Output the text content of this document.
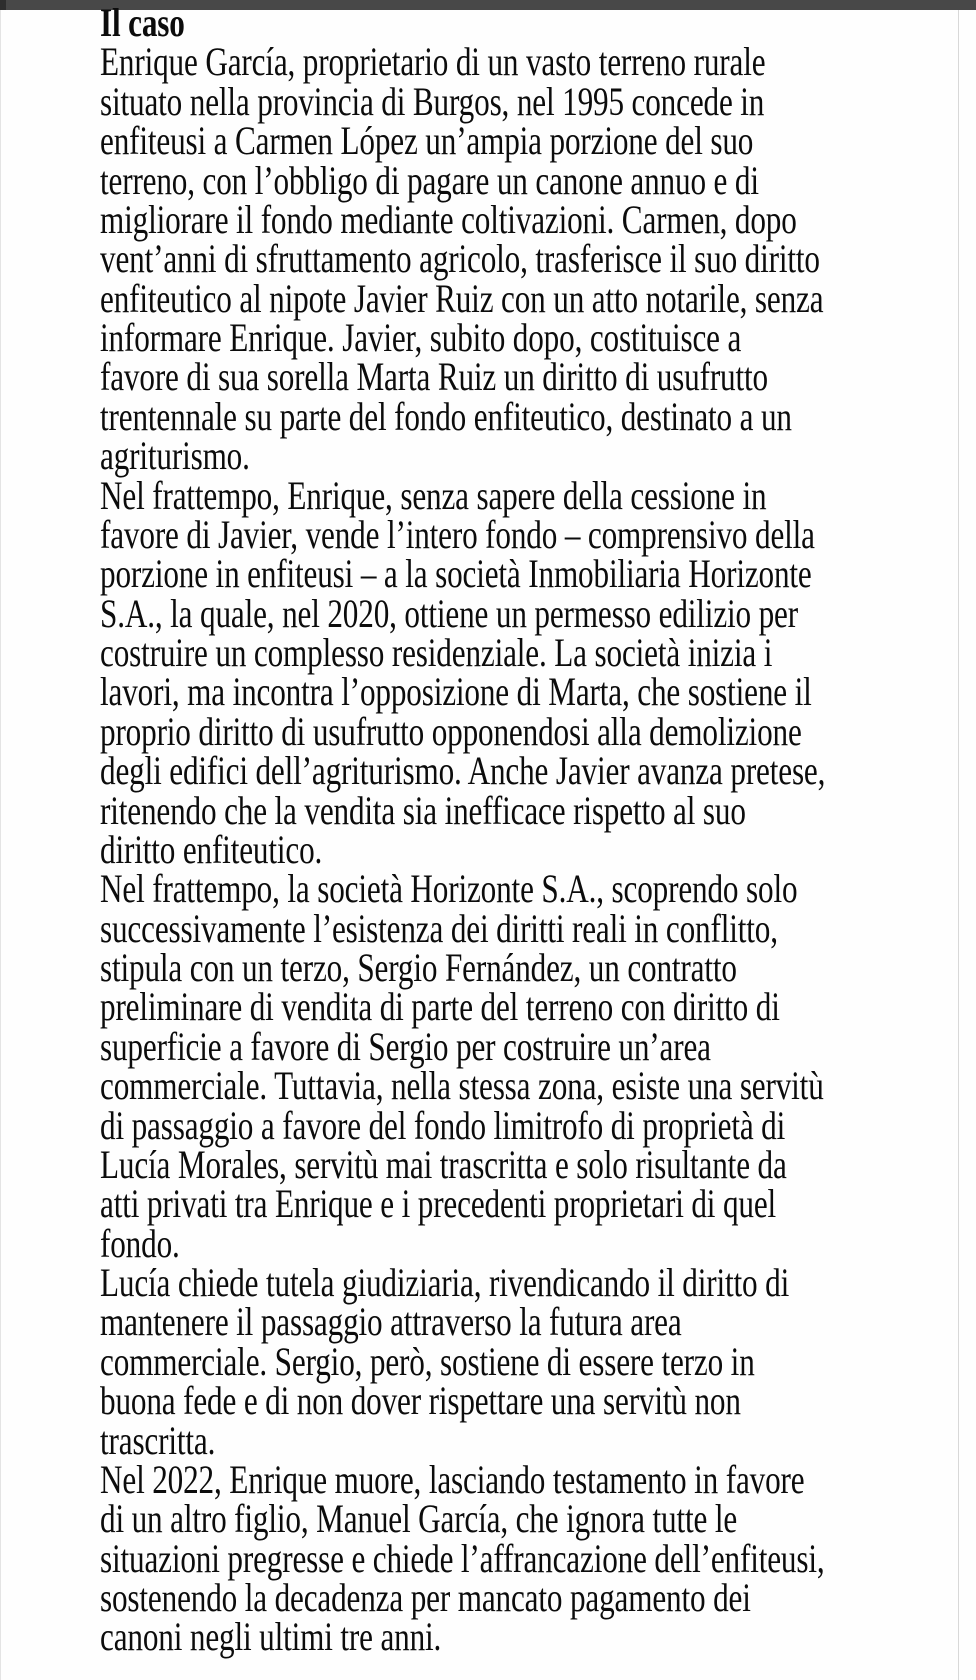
Il caso
Enrique García, proprietario di un vasto terreno rurale
situato nella provincia di Burgos, nel 1995 concede in
enfiteusi a Carmen López un’ampia porzione del suo
terreno, con l’obbligo di pagare un canone annuo e di
migliorare il fondo mediante coltivazioni. Carmen, dopo
vent’anni di sfruttamento agricolo, trasferisce il suo diritto
enfiteutico al nipote Javier Ruiz con un atto notarile, senza
informare Enrique. Javier, subito dopo, costituisce a
favore di sua sorella Marta Ruiz un diritto di usufrutto
trentennale su parte del fondo enfiteutico, destinato a un
agriturismo.
Nel frattempo, Enrique, senza sapere della cessione in
favore di Javier, vende l’intero fondo – comprensivo della
porzione in enfiteusi – a la società Inmobiliaria Horizonte
S.A., la quale, nel 2020, ottiene un permesso edilizio per
costruire un complesso residenziale. La società inizia i
lavori, ma incontra l’opposizione di Marta, che sostiene il
proprio diritto di usufrutto opponendosi alla demolizione
degli edifici dell’agriturismo. Anche Javier avanza pretese,
ritenendo che la vendita sia inefficace rispetto al suo
diritto enfiteutico.
Nel frattempo, la società Horizonte S.A., scoprendo solo
successivamente l’esistenza dei diritti reali in conflitto,
stipula con un terzo, Sergio Fernández, un contratto
preliminare di vendita di parte del terreno con diritto di
superficie a favore di Sergio per costruire un’area
commerciale. Tuttavia, nella stessa zona, esiste una servitù
di passaggio a favore del fondo limitrofo di proprietà di
Lucía Morales, servitù mai trascritta e solo risultante da
atti privati tra Enrique e i precedenti proprietari di quel
fondo.
Lucía chiede tutela giudiziaria, rivendicando il diritto di
mantenere il passaggio attraverso la futura area
commerciale. Sergio, però, sostiene di essere terzo in
buona fede e di non dover rispettare una servitù non
trascritta.
Nel 2022, Enrique muore, lasciando testamento in favore
di un altro figlio, Manuel García, che ignora tutte le
situazioni pregresse e chiede l’affrancazione dell’enfiteusi,
sostenendo la decadenza per mancato pagamento dei
canoni negli ultimi tre anni.
